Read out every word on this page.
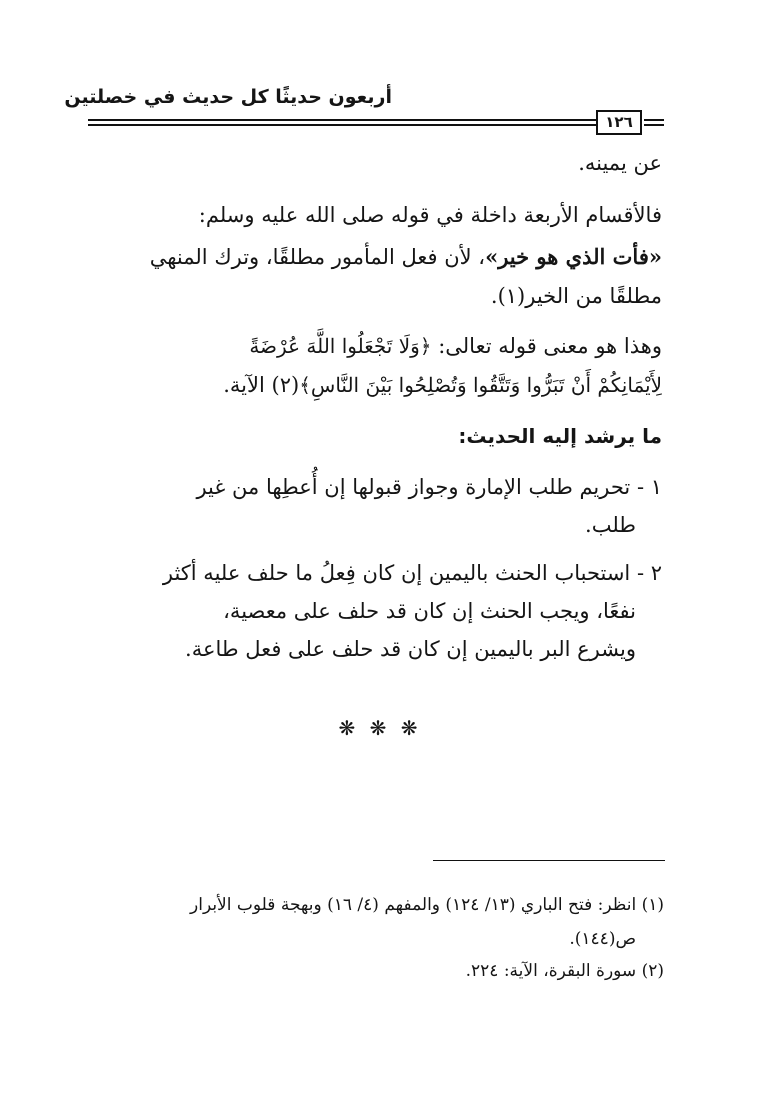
أربعون حديثًا كل حديث في خصلتين
١٢٦
عن يمينه.
فالأقسام الأربعة داخلة في قوله صلى الله عليه وسلم:
«فأت الذي هو خير»، لأن فعل المأمور مطلقًا، وترك المنهي
مطلقًا من الخير(١).
وهذا هو معنى قوله تعالى: ﴿وَلَا تَجْعَلُوا اللَّهَ عُرْضَةً
لِأَيْمَانِكُمْ أَنْ تَبَرُّوا وَتَتَّقُوا وَتُصْلِحُوا بَيْنَ النَّاسِ﴾(٢) الآية.
ما يرشد إليه الحديث:
١ - تحريم طلب الإمارة وجواز قبولها إن أُعطِها من غير
طلب.
٢ - استحباب الحنث باليمين إن كان فِعلُ ما حلف عليه أكثر
نفعًا، ويجب الحنث إن كان قد حلف على معصية،
ويشرع البر باليمين إن كان قد حلف على فعل طاعة.
❋ ❋ ❋
(١) انظر: فتح الباري (١٣/ ١٢٤) والمفهم (٤/ ١٦) وبهجة قلوب الأبرار
ص(١٤٤).
(٢) سورة البقرة، الآية: ٢٢٤.
